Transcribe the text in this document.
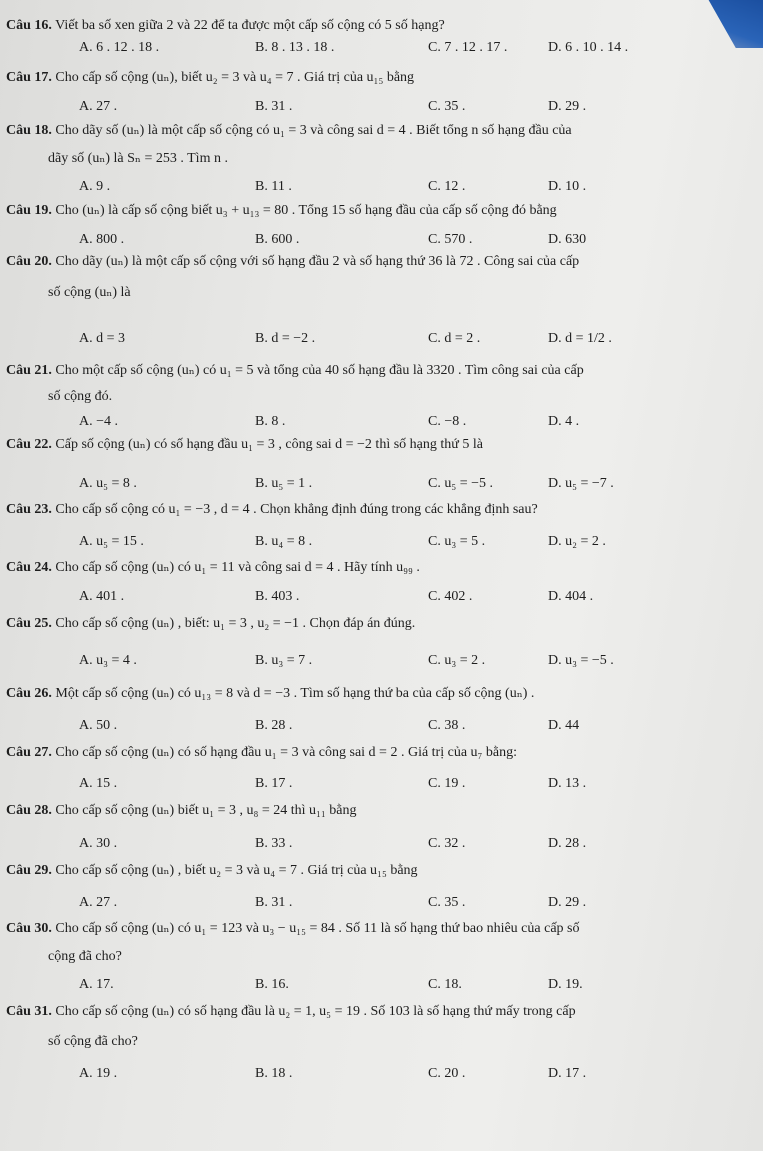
Câu 16. Viết ba số xen giữa 2 và 22 để ta được một cấp số cộng có 5 số hạng?
A. 6 . 12 . 18 .	B. 8 . 13 . 18 .	C. 7 . 12 . 17 .	D. 6 . 10 . 14 .
Câu 17. Cho cấp số cộng (uₙ), biết u₂ = 3 và u₄ = 7 . Giá trị của u₁₅ bằng
A. 27 .	B. 31 .	C. 35 .	D. 29 .
Câu 18. Cho dãy số (uₙ) là một cấp số cộng có u₁ = 3 và công sai d = 4 . Biết tổng n số hạng đầu của
dãy số (uₙ) là Sₙ = 253 . Tìm n .
A. 9 .	B. 11 .	C. 12 .	D. 10 .
Câu 19. Cho (uₙ) là cấp số cộng biết u₃ + u₁₃ = 80 . Tổng 15 số hạng đầu của cấp số cộng đó bằng
A. 800 .	B. 600 .	C. 570 .	D. 630
Câu 20. Cho dãy (uₙ) là một cấp số cộng với số hạng đầu 2 và số hạng thứ 36 là 72 . Công sai của cấp
số cộng (uₙ) là
A. d = 3	B. d = −2 .	C. d = 2 .	D. d = 1/2 .
Câu 21. Cho một cấp số cộng (uₙ) có u₁ = 5 và tổng của 40 số hạng đầu là 3320 . Tìm công sai của cấp
số cộng đó.
A. −4 .	B. 8 .	C. −8 .	D. 4 .
Câu 22. Cấp số cộng (uₙ) có số hạng đầu u₁ = 3 , công sai d = −2 thì số hạng thứ 5 là
A. u₅ = 8 .	B. u₅ = 1 .	C. u₅ = −5 .	D. u₅ = −7 .
Câu 23. Cho cấp số cộng có u₁ = −3 , d = 4 . Chọn khẳng định đúng trong các khẳng định sau?
A. u₅ = 15 .	B. u₄ = 8 .	C. u₃ = 5 .	D. u₂ = 2 .
Câu 24. Cho cấp số cộng (uₙ) có u₁ = 11 và công sai d = 4 . Hãy tính u₉₉ .
A. 401 .	B. 403 .	C. 402 .	D. 404 .
Câu 25. Cho cấp số cộng (uₙ) , biết: u₁ = 3 , u₂ = −1 . Chọn đáp án đúng.
A. u₃ = 4 .	B. u₃ = 7 .	C. u₃ = 2 .	D. u₃ = −5 .
Câu 26. Một cấp số cộng (uₙ) có u₁₃ = 8 và d = −3 . Tìm số hạng thứ ba của cấp số cộng (uₙ) .
A. 50 .	B. 28 .	C. 38 .	D. 44
Câu 27. Cho cấp số cộng (uₙ) có số hạng đầu u₁ = 3 và công sai d = 2 . Giá trị của u₇ bằng:
A. 15 .	B. 17 .	C. 19 .	D. 13 .
Câu 28. Cho cấp số cộng (uₙ) biết u₁ = 3 , u₈ = 24 thì u₁₁ bằng
A. 30 .	B. 33 .	C. 32 .	D. 28 .
Câu 29. Cho cấp số cộng (uₙ) , biết u₂ = 3 và u₄ = 7 . Giá trị của u₁₅ bằng
A. 27 .	B. 31 .	C. 35 .	D. 29 .
Câu 30. Cho cấp số cộng (uₙ) có u₁ = 123 và u₃ − u₁₅ = 84 . Số 11 là số hạng thứ bao nhiêu của cấp số
cộng đã cho?
A. 17.	B. 16.	C. 18.	D. 19.
Câu 31. Cho cấp số cộng (uₙ) có số hạng đầu là u₂ = 1, u₅ = 19 . Số 103 là số hạng thứ mấy trong cấp
số cộng đã cho?
A. 19 .	B. 18 .	C. 20 .	D. 17 .
